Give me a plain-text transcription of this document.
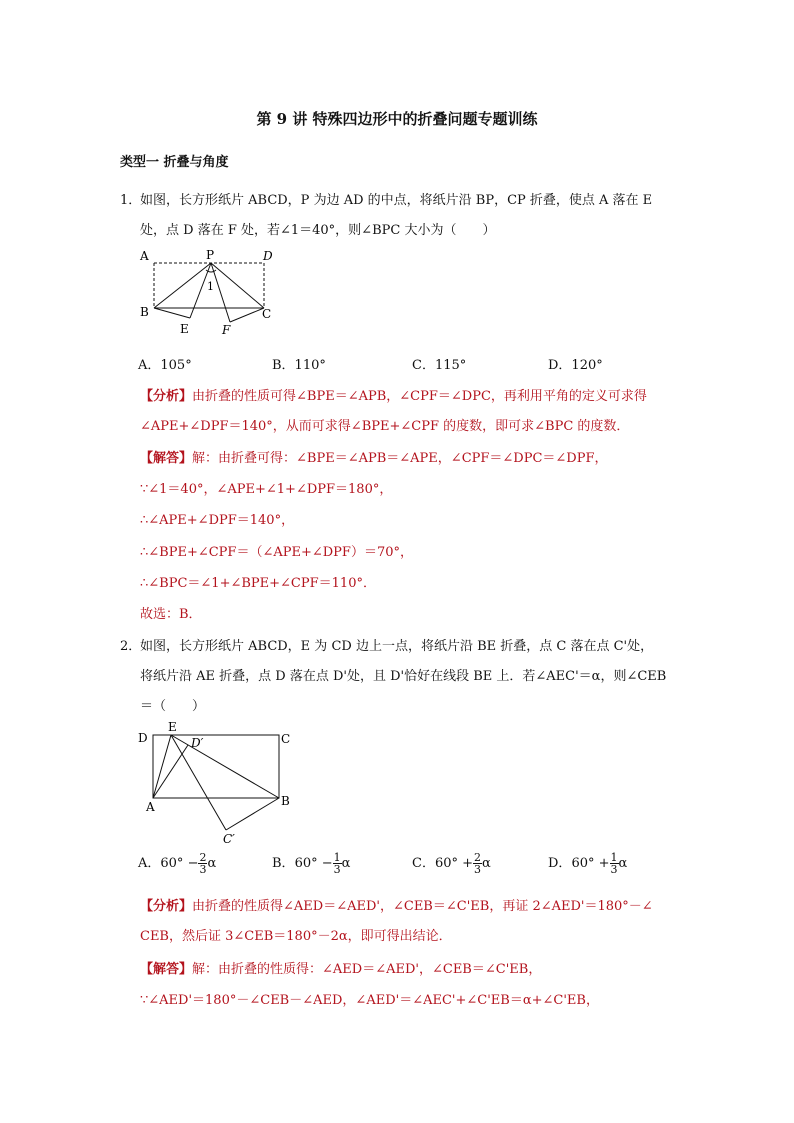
第 9 讲 特殊四边形中的折叠问题专题训练
类型一 折叠与角度
1．
如图，长方形纸片 ABCD，P 为边 AD 的中点，将纸片沿 BP，CP 折叠，使点 A 落在 E
处，点 D 落在 F 处，若∠1＝40°，则∠BPC 大小为（　　）
A	P	D
1
B	C
E	F
A．105°	B．110°	C．115°	D．120°
【分析】由折叠的性质可得∠BPE＝∠APB，∠CPF＝∠DPC，再利用平角的定义可求得
∠APE+∠DPF＝140°，从而可求得∠BPE+∠CPF 的度数，即可求∠BPC 的度数．
【解答】解：由折叠可得：∠BPE＝∠APB＝∠APE，∠CPF＝∠DPC＝∠DPF，
∵∠1＝40°，∠APE+∠1+∠DPF＝180°，
∴∠APE+∠DPF＝140°，
∴∠BPE+∠CPF＝（∠APE+∠DPF）＝70°，
∴∠BPC＝∠1+∠BPE+∠CPF＝110°．
故选：B．
2．
如图，长方形纸片 ABCD，E 为 CD 边上一点，将纸片沿 BE 折叠，点 C 落在点 C'处，
将纸片沿 AE 折叠，点 D 落在点 D'处，且 D'恰好在线段 BE 上．若∠AEC'＝α，则∠CEB
＝（　　）
D
E
D′	C
A	B
C′
A．$60^\circ - \frac{2}{3}$ α	B．$60^\circ - \frac{1}{3}$ α	C．$60^\circ + \frac{2}{3}$ α	D．$60^\circ + \frac{1}{3}$ α
【分析】由折叠的性质得∠AED＝∠AED'，∠CEB＝∠C'EB，再证 2∠AED'＝180°－∠
CEB，然后证 3∠CEB＝180°－2α，即可得出结论．
【解答】解：由折叠的性质得：∠AED＝∠AED'，∠CEB＝∠C'EB，
∵∠AED'＝180°－∠CEB－∠AED，∠AED'＝∠AEC'+∠C'EB＝α+∠C'EB，
